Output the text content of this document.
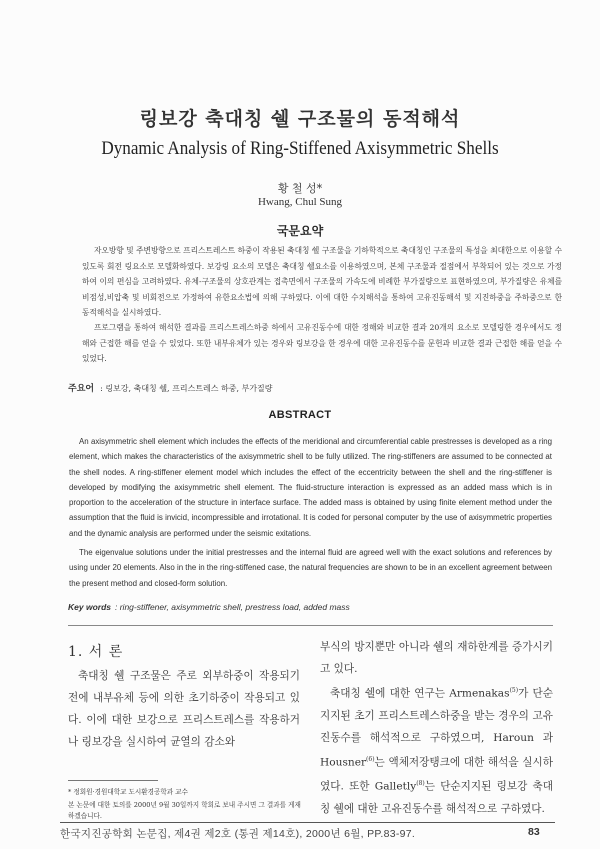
링보강 축대칭 쉘 구조물의 동적해석
Dynamic Analysis of Ring-Stiffened Axisymmetric Shells
황 철 성*
Hwang, Chul Sung
국문요약

자오방향 및 주변방향으로 프리스트레스트 하중이 작용된 축대칭 쉘 구조물을 기하학적으로 축대칭인 구조물의 특성을 최대한으로 이용할 수 있도록 회전 링요소로 모델화하였다. 보강링 요소의 모델은 축대칭 쉘요소를 이용하였으며, 본체 구조물과 절점에서 부착되어 있는 것으로 가정하여 이의 편심을 고려하였다. 유체-구조물의 상호관계는 접촉면에서 구조물의 가속도에 비례한 부가질량으로 표현하였으며, 부가질량은 유체를 비점성,비압축 및 비회전으로 가정하여 유한요소법에 의해 구하였다. 이에 대한 수치해석을 통하여 고유진동해석 및 지진하중을 주하중으로 한 동적해석을 실시하였다.

프로그램을 통하여 해석한 결과를 프리스트레스하중 하에서 고유진동수에 대한 정해와 비교한 결과 20개의 요소로 모델링한 경우에서도 정해와 근접한 해를 얻을 수 있었다. 또한 내부유체가 있는 경우와 링보강을 한 경우에 대한 고유진동수를 문헌과 비교한 결과 근접한 해를 얻을 수 있었다.

주요어 : 링보강, 축대칭 쉘, 프리스트레스 하중, 부가질량
ABSTRACT

An axisymmetric shell element which includes the effects of the meridional and circumferential cable prestresses is developed as a ring element, which makes the characteristics of the axisymmetric shell to be fully utilized. The ring-stiffeners are assumed to be connected at the shell nodes. A ring-stiffener element model which includes the effect of the eccentricity between the shell and the ring-stiffener is developed by modifying the axisymmetric shell element. The fluid-structure interaction is expressed as an added mass which is in proportion to the acceleration of the structure in interface surface. The added mass is obtained by using finite element method under the assumption that the fluid is invicid, incompressible and irrotational. It is coded for personal computer by the use of axisymmetric properties and the dynamic analysis are performed under the seismic exitations.

The eigenvalue solutions under the initial prestresses and the internal fluid are agreed well with the exact solutions and references by using under 20 elements. Also in the in the ring-stiffened case, the natural frequencies are shown to be in an excellent agreement between the present method and closed-form solution.

Key words : ring-stiffener, axisymmetric shell, prestress load, added mass
1. 서 론

축대칭 쉘 구조물은 주로 외부하중이 작용되기 전에 내부유체 등에 의한 초기하중이 작용되고 있다. 이에 대한 보강으로 프리스트레스를 작용하거나 링보강을 실시하여 균열의 감소와

부식의 방지뿐만 아니라 쉘의 재하한계를 증가시키고 있다.

축대칭 쉘에 대한 연구는 Armenakas$^{(5)}$가 단순지지된 초기 프리스트레스하중을 받는 경우의 고유진동수를 해석적으로 구하였으며, Haroun 과 Housner$^{(6)}$는 액체저장탱크에 대한 해석을 실시하였다. 또한 Galletly$^{(8)}$는 단순지지된 링보강 축대칭 쉘에 대한 고유진동수를 해석적으로 구하였다.

* 정회원·경원대학교 도시환경공학과 교수
본 논문에 대한 토의를 2000년 9월 30일까지 학회로 보내 주시면 그 결과를 게재하겠습니다.
한국지진공학회 논문집, 제4권 제2호 (통권 제14호), 2000년 6월, PP.83-97.	83
